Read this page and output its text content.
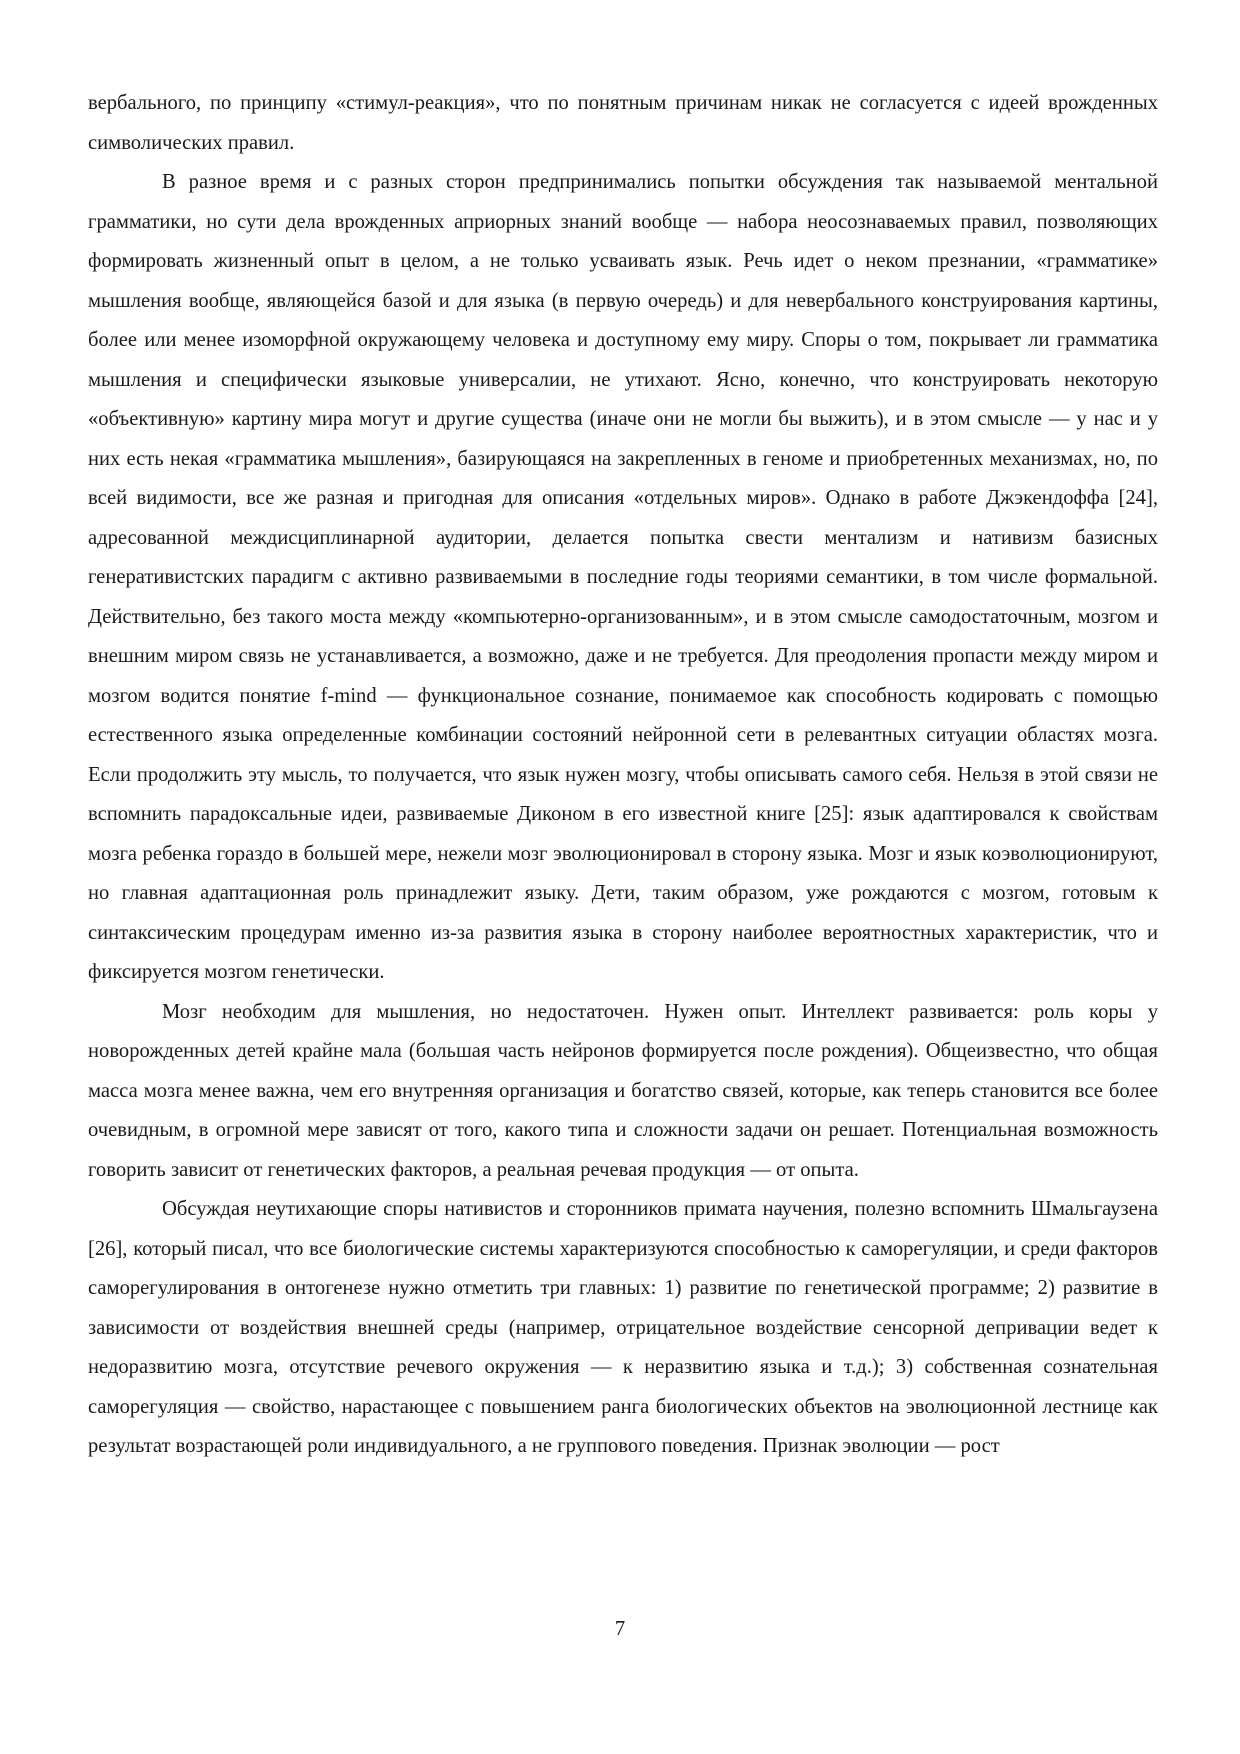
вербального, по принципу «стимул-реакция», что по понятным причинам никак не согласуется с идеей врожденных символических правил.

В разное время и с разных сторон предпринимались попытки обсуждения так называемой ментальной грамматики, но сути дела врожденных априорных знаний вообще — набора неосознаваемых правил, позволяющих формировать жизненный опыт в целом, а не только усваивать язык. Речь идет о неком презнании, «грамматике» мышления вообще, являющейся базой и для языка (в первую очередь) и для невербального конструирования картины, более или менее изоморфной окружающему человека и доступному ему миру. Споры о том, покрывает ли грамматика мышления и специфически языковые универсалии, не утихают. Ясно, конечно, что конструировать некоторую «объективную» картину мира могут и другие существа (иначе они не могли бы выжить), и в этом смысле — у нас и у них есть некая «грамматика мышления», базирующаяся на закрепленных в геноме и приобретенных механизмах, но, по всей видимости, все же разная и пригодная для описания «отдельных миров». Однако в работе Джэкендоффа [24], адресованной междисциплинарной аудитории, делается попытка свести ментализм и нативизм базисных генеративистских парадигм с активно развиваемыми в последние годы теориями семантики, в том числе формальной. Действительно, без такого моста между «компьютерно-организованным», и в этом смысле самодостаточным, мозгом и внешним миром связь не устанавливается, а возможно, даже и не требуется. Для преодоления пропасти между миром и мозгом водится понятие f-mind — функциональное сознание, понимаемое как способность кодировать с помощью естественного языка определенные комбинации состояний нейронной сети в релевантных ситуации областях мозга. Если продолжить эту мысль, то получается, что язык нужен мозгу, чтобы описывать самого себя. Нельзя в этой связи не вспомнить парадоксальные идеи, развиваемые Диконом в его известной книге [25]: язык адаптировался к свойствам мозга ребенка гораздо в большей мере, нежели мозг эволюционировал в сторону языка. Мозг и язык коэволюционируют, но главная адаптационная роль принадлежит языку. Дети, таким образом, уже рождаются с мозгом, готовым к синтаксическим процедурам именно из-за развития языка в сторону наиболее вероятностных характеристик, что и фиксируется мозгом генетически.

Мозг необходим для мышления, но недостаточен. Нужен опыт. Интеллект развивается: роль коры у новорожденных детей крайне мала (большая часть нейронов формируется после рождения). Общеизвестно, что общая масса мозга менее важна, чем его внутренняя организация и богатство связей, которые, как теперь становится все более очевидным, в огромной мере зависят от того, какого типа и сложности задачи он решает. Потенциальная возможность говорить зависит от генетических факторов, а реальная речевая продукция — от опыта.

Обсуждая неутихающие споры нативистов и сторонников примата научения, полезно вспомнить Шмальгаузена [26], который писал, что все биологические системы характеризуются способностью к саморегуляции, и среди факторов саморегулирования в онтогенезе нужно отметить три главных: 1) развитие по генетической программе; 2) развитие в зависимости от воздействия внешней среды (например, отрицательное воздействие сенсорной депривации ведет к недоразвитию мозга, отсутствие речевого окружения — к неразвитию языка и т.д.); 3) собственная сознательная саморегуляция — свойство, нарастающее с повышением ранга биологических объектов на эволюционной лестнице как результат возрастающей роли индивидуального, а не группового поведения. Признак эволюции — рост

7
